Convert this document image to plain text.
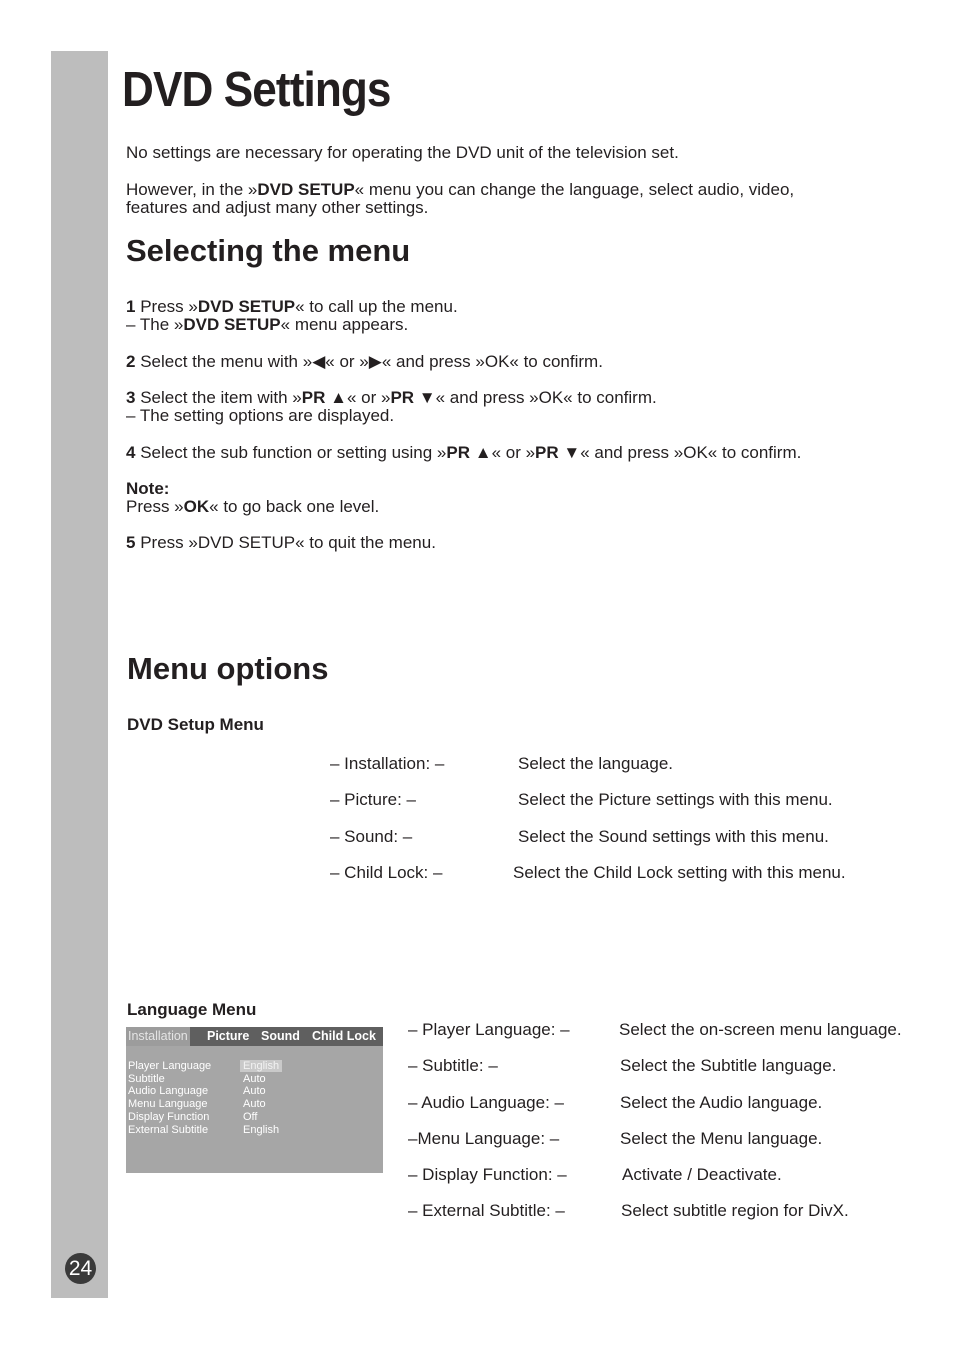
24
DVD Settings

No settings are necessary for operating the DVD unit of the television set.

However, in the »DVD SETUP« menu you can change the language, select audio, video,
features and adjust many other settings.

Selecting the menu

1 Press »DVD SETUP« to call up the menu.
– The »DVD SETUP« menu appears.

2 Select the menu with »◀« or »▶« and press »OK« to confirm.

3 Select the item with »PR ▲« or »PR ▼« and press »OK« to confirm.
– The setting options are displayed.

4 Select the sub function or setting using »PR ▲« or »PR ▼« and press »OK« to confirm.

Note:
Press »OK« to go back one level.

5 Press »DVD SETUP« to quit the menu.

Menu options
DVD Setup Menu
– Installation: –	Select the language.
– Picture: –	Select the Picture settings with this menu.
– Sound: –	Select the Sound settings with this menu.
– Child Lock: –	Select the Child Lock setting with this menu.
Language Menu
Installation Picture Sound Child Lock
Player Language	English
Subtitle	Auto
Audio Language	Auto
Menu Language	Auto
Display Function	Off
External Subtitle	English
– Player Language: –	Select the on-screen menu language.
– Subtitle: –	Select the Subtitle language.
– Audio Language: –	Select the Audio language.
–Menu Language: –	Select the Menu language.
– Display Function: –	Activate / Deactivate.
– External Subtitle: –	Select subtitle region for DivX.
